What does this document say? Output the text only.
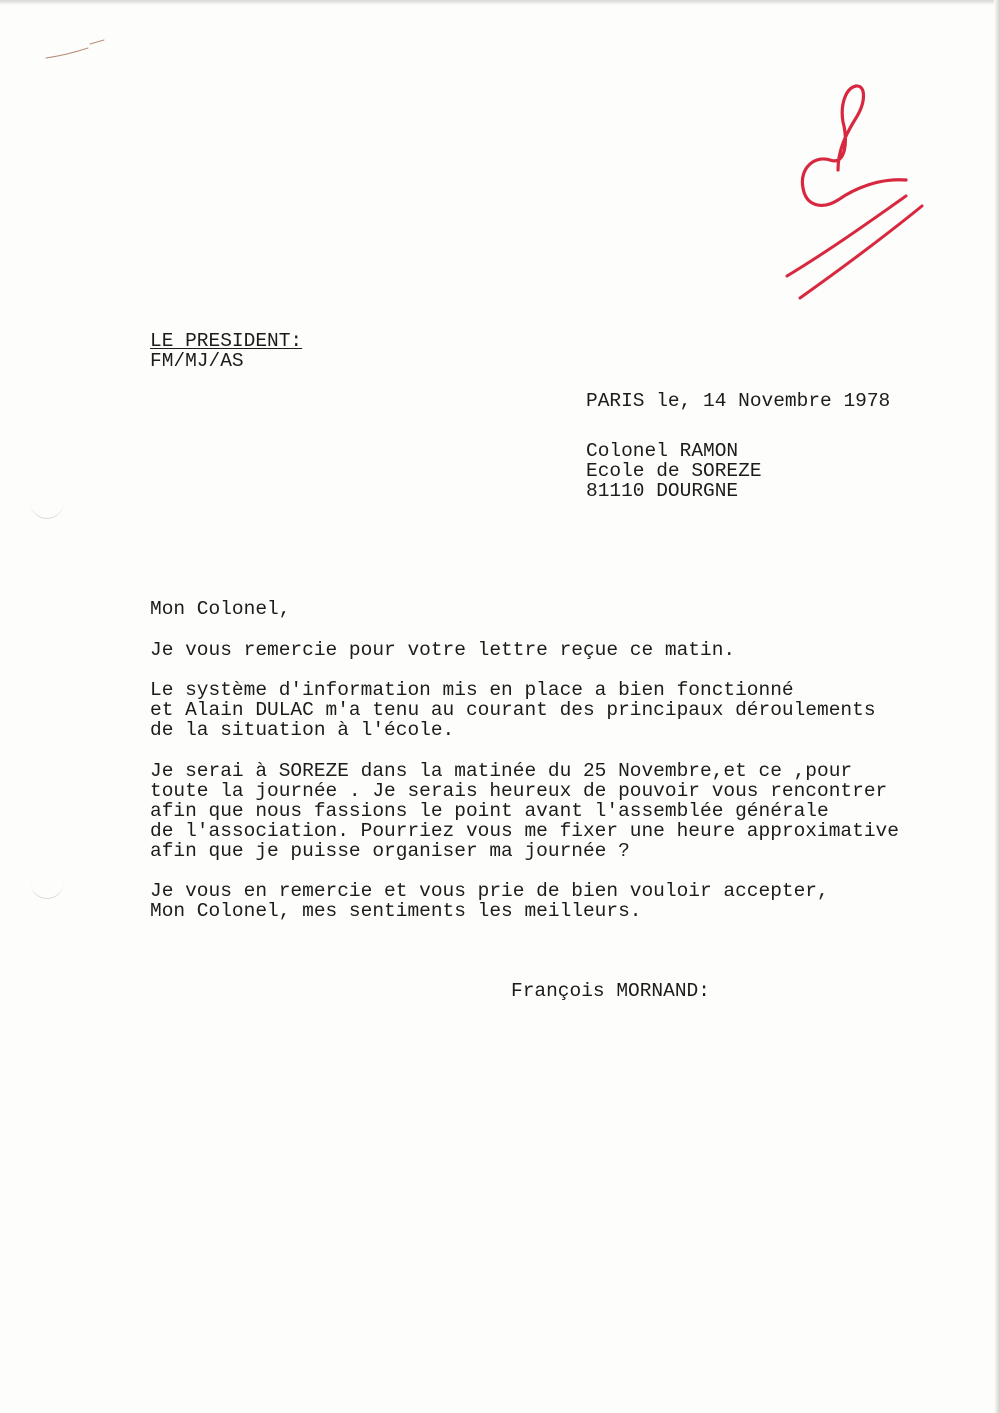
LE PRESIDENT:

FM/MJ/AS

PARIS le, 14 Novembre 1978

Colonel RAMON

Ecole de SOREZE

81110 DOURGNE

Mon Colonel,

Je vous remercie pour votre lettre reçue ce matin.

Le système d'information mis en place a bien fonctionné

et Alain DULAC m'a tenu au courant des principaux déroulements

de la situation à l'école.

Je serai à SOREZE dans la matinée du 25 Novembre,et ce ,pour

toute la journée . Je serais heureux de pouvoir vous rencontrer

afin que nous fassions le point avant l'assemblée générale

de l'association. Pourriez vous me fixer une heure approximative

afin que je puisse organiser ma journée ?

Je vous en remercie et vous prie de bien vouloir accepter,

Mon Colonel, mes sentiments les meilleurs.

François MORNAND:
